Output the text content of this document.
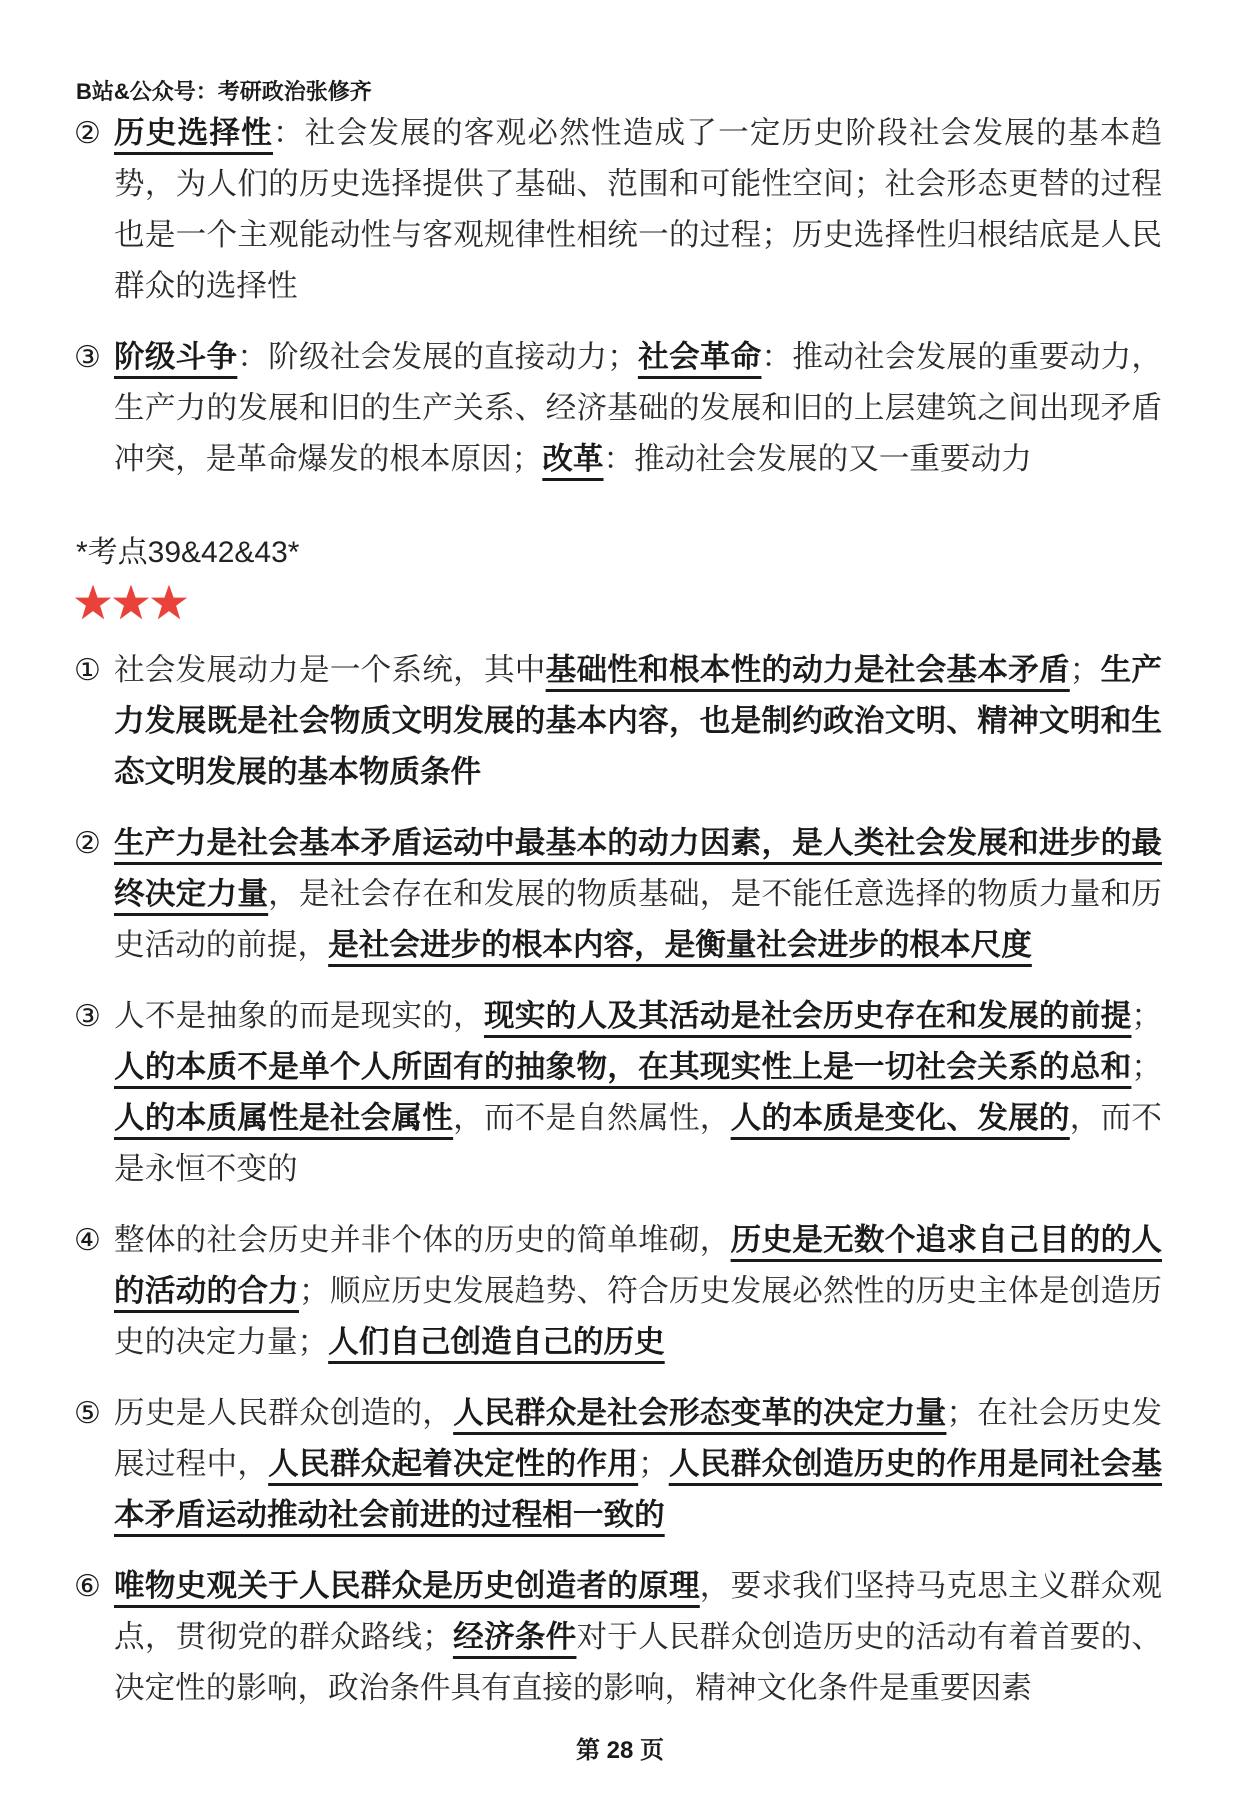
B站&公众号：考研政治张修齐
② 历史选择性：社会发展的客观必然性造成了一定历史阶段社会发展的基本趋势，为人们的历史选择提供了基础、范围和可能性空间；社会形态更替的过程也是一个主观能动性与客观规律性相统一的过程；历史选择性归根结底是人民群众的选择性
③ 阶级斗争：阶级社会发展的直接动力；社会革命：推动社会发展的重要动力，生产力的发展和旧的生产关系、经济基础的发展和旧的上层建筑之间出现矛盾冲突，是革命爆发的根本原因；改革：推动社会发展的又一重要动力
*考点39&42&43*
① 社会发展动力是一个系统，其中基础性和根本性的动力是社会基本矛盾；生产力发展既是社会物质文明发展的基本内容，也是制约政治文明、精神文明和生态文明发展的基本物质条件
② 生产力是社会基本矛盾运动中最基本的动力因素，是人类社会发展和进步的最终决定力量，是社会存在和发展的物质基础，是不能任意选择的物质力量和历史活动的前提，是社会进步的根本内容，是衡量社会进步的根本尺度
③ 人不是抽象的而是现实的，现实的人及其活动是社会历史存在和发展的前提；人的本质不是单个人所固有的抽象物，在其现实性上是一切社会关系的总和；人的本质属性是社会属性，而不是自然属性，人的本质是变化、发展的，而不是永恒不变的
④ 整体的社会历史并非个体的历史的简单堆砌，历史是无数个追求自己目的的人的活动的合力；顺应历史发展趋势、符合历史发展必然性的历史主体是创造历史的决定力量；人们自己创造自己的历史
⑤ 历史是人民群众创造的，人民群众是社会形态变革的决定力量；在社会历史发展过程中，人民群众起着决定性的作用；人民群众创造历史的作用是同社会基本矛盾运动推动社会前进的过程相一致的
⑥ 唯物史观关于人民群众是历史创造者的原理，要求我们坚持马克思主义群众观点，贯彻党的群众路线；经济条件对于人民群众创造历史的活动有着首要的、决定性的影响，政治条件具有直接的影响，精神文化条件是重要因素
第 28 页
